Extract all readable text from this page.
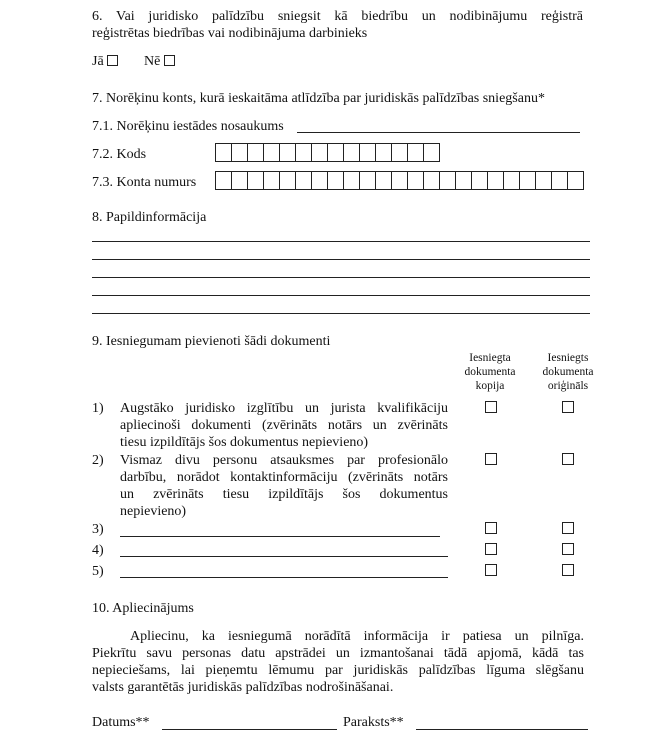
6. Vai juridisko palīdzību sniegsit kā biedrību un nodibinājumu reģistrā
reģistrētas biedrības vai nodibinājuma darbinieks
Jā	Nē
7. Norēķinu konts, kurā ieskaitāma atlīdzība par juridiskās palīdzības sniegšanu*
7.1. Norēķinu iestādes nosaukums
7.2. Kods
7.3. Konta numurs
8. Papildinformācija
9. Iesniegumam pievienoti šādi dokumenti
Iesniegta
dokumenta
kopija
Iesniegts
dokumenta
oriģināls
1) Augstāko juridisko izglītību un jurista kvalifikāciju
apliecinoši dokumenti (zvērināts notārs un zvērināts
tiesu izpildītājs šos dokumentus nepievieno)
2) Vismaz divu personu atsauksmes par profesionālo
darbību, norādot kontaktinformāciju (zvērināts notārs
un zvērināts tiesu izpildītājs šos dokumentus
nepievieno)
3)
4)
5)
10. Apliecinājums
Apliecinu, ka iesniegumā norādītā informācija ir patiesa un pilnīga.
Piekrītu savu personas datu apstrādei un izmantošanai tādā apjomā, kādā tas
nepieciešams, lai pieņemtu lēmumu par juridiskās palīdzības līguma slēgšanu
valsts garantētās juridiskās palīdzības nodrošināšanai.
Datums**	Paraksts**
